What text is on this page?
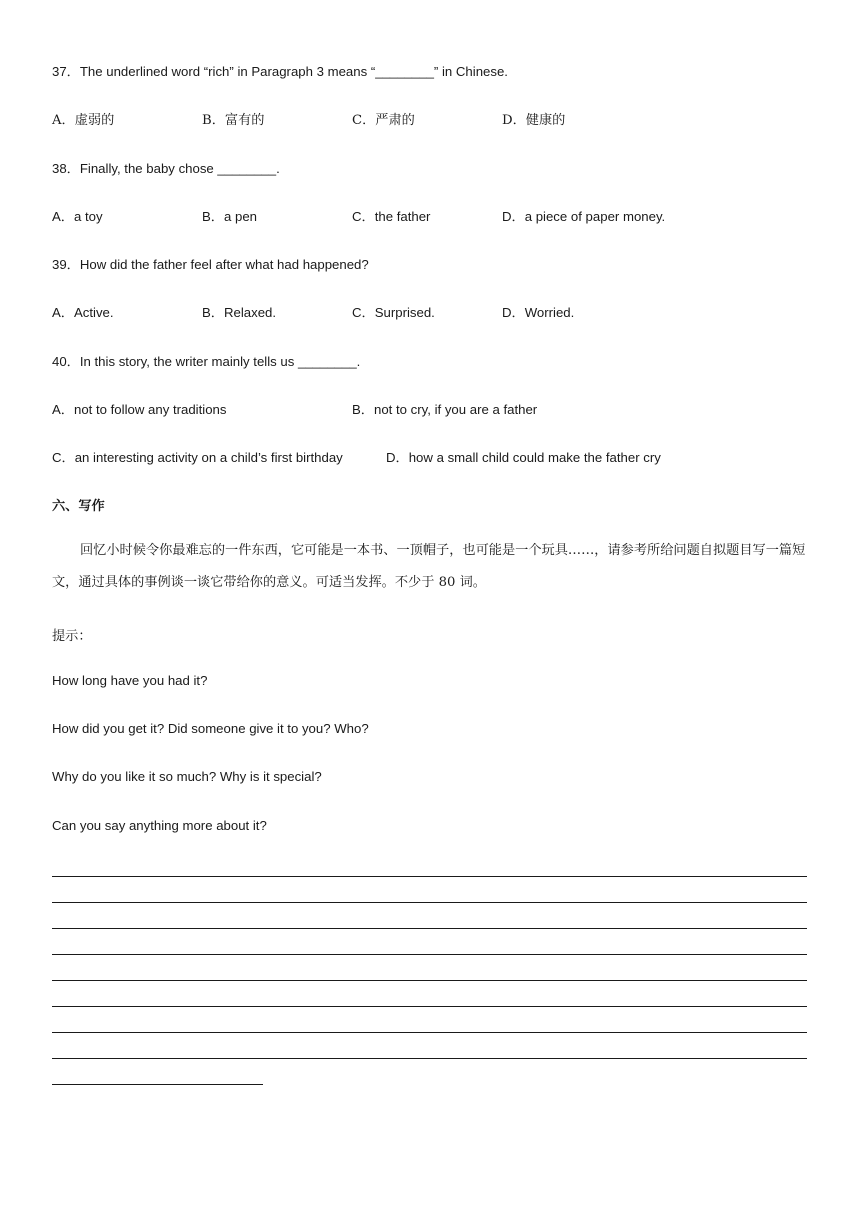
37．The underlined word “rich” in Paragraph 3 means “________” in Chinese.
A．虚弱的	B．富有的	C．严肃的	D．健康的
38．Finally, the baby chose ________.
A．a toy	B．a pen	C．the father	D．a piece of paper money.
39．How did the father feel after what had happened?
A．Active.	B．Relaxed.	C．Surprised.	D．Worried.
40．In this story, the writer mainly tells us ________.
A．not to follow any traditions	B．not to cry, if you are a father
C．an interesting activity on a child’s first birthday	D．how a small child could make the father cry
六、写作
回忆小时候令你最难忘的一件东西，它可能是一本书、一顶帽子，也可能是一个玩具……，请参考所给问题自拟题目写一篇短文，通过具体的事例谈一谈它带给你的意义。可适当发挥。不少于 80 词。
提示：
How long have you had it?
How did you get it? Did someone give it to you? Who?
Why do you like it so much? Why is it special?
Can you say anything more about it?
